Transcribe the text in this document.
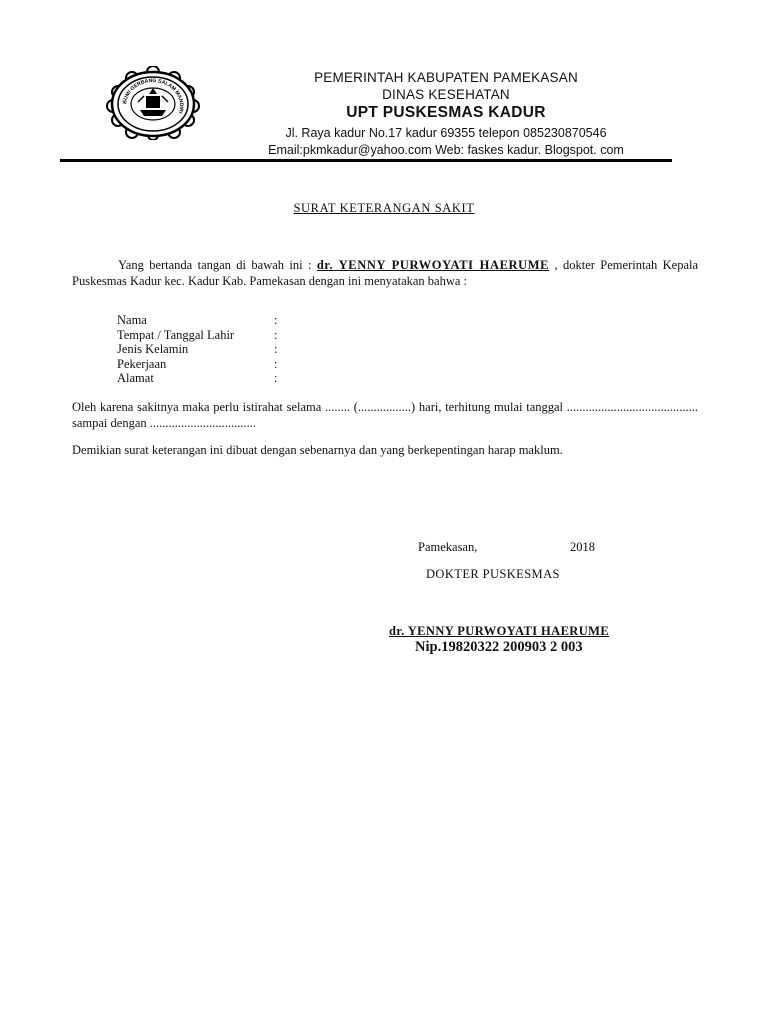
BUMI GERBANG SALAM MANDIRI
PEMERINTAH KABUPATEN PAMEKASAN
DINAS KESEHATAN
UPT PUSKESMAS KADUR
Jl. Raya kadur No.17 kadur 69355 telepon 085230870546
Email:pkmkadur@yahoo.com Web: faskes kadur. Blogspot. com
SURAT KETERANGAN SAKIT
Yang bertanda tangan di bawah ini : dr. YENNY PURWOYATI HAERUME , dokter Pemerintah Kepala Puskesmas Kadur kec. Kadur Kab. Pamekasan dengan ini menyatakan bahwa :
Nama	:
Tempat / Tanggal Lahir	:
Jenis Kelamin	:
Pekerjaan	:
Alamat	:
Oleh karena sakitnya maka perlu istirahat selama ........ (.................) hari, terhitung mulai tanggal .......................................... sampai dengan ..................................
Demikian surat keterangan ini dibuat dengan sebenarnya dan yang berkepentingan harap maklum.
Pamekasan,	2018
DOKTER PUSKESMAS
dr. YENNY PURWOYATI HAERUME
Nip.19820322 200903 2 003
